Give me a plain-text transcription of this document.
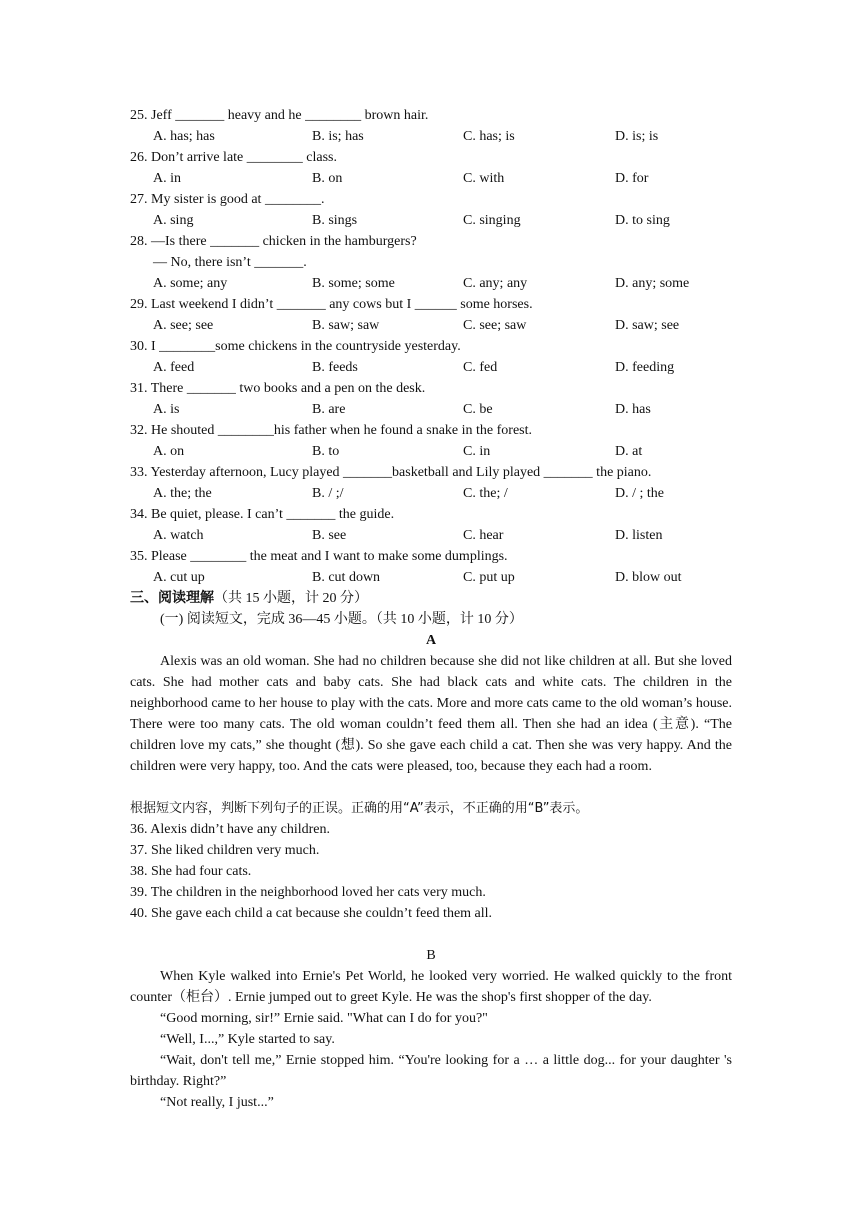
25. Jeff _______ heavy and he ________ brown hair.
A. has; has	B. is; has	C. has; is	D. is; is
26. Don’t arrive late ________ class.
A. in	B. on	C. with	D. for
27. My sister is good at ________.
A. sing	B. sings	C. singing	D. to sing
28. —Is there _______ chicken in the hamburgers?
— No, there isn’t _______.
A. some; any	B. some; some	C. any; any	D. any; some
29. Last weekend I didn’t _______ any cows but I ______ some horses.
A. see; see	B. saw; saw	C. see; saw	D. saw; see
30. I ________some chickens in the countryside yesterday.
A. feed	B. feeds	C. fed	D. feeding
31. There _______ two books and a pen on the desk.
A. is	B. are	C. be	D. has
32. He shouted ________his father when he found a snake in the forest.
A. on	B. to	C. in	D. at
33. Yesterday afternoon, Lucy played _______basketball and Lily played _______ the piano.
A. the; the	B. / ;/	C. the; /	D. / ; the
34. Be quiet, please. I can’t _______ the guide.
A. watch	B. see	C. hear	D. listen
35. Please ________ the meat and I want to make some dumplings.
A. cut up	B. cut down	C. put up	D. blow out
三、阅读理解（共 15 小题，计 20 分）
(一) 阅读短文，完成 36—45 小题。（共 10 小题，计 10 分）
A

Alexis was an old woman. She had no children because she did not like children at all. But she loved cats. She had mother cats and baby cats. She had black cats and white cats. The children in the neighborhood came to her house to play with the cats. More and more cats came to the old woman’s house. There were too many cats. The old woman couldn’t feed them all. Then she had an idea (主意). “The children love my cats,” she thought (想). So she gave each child a cat. Then she was very happy. And the children were very happy, too. And the cats were pleased, too, because they each had a room.

根据短文内容，判断下列句子的正误。正确的用“A”表示，不正确的用“B”表示。
36. Alexis didn’t have any children.
37. She liked children very much.
38. She had four cats.
39. The children in the neighborhood loved her cats very much.
40. She gave each child a cat because she couldn’t feed them all.
B

When Kyle walked into Ernie's Pet World, he looked very worried. He walked quickly to the front counter（柜台）. Ernie jumped out to greet Kyle. He was the shop's first shopper of the day.

“Good morning, sir!” Ernie said. "What can I do for you?"

“Well, I...,” Kyle started to say.

“Wait, don't tell me,” Ernie stopped him. “You're looking for a … a little dog... for your daughter 's birthday. Right?”

“Not really, I just...”
